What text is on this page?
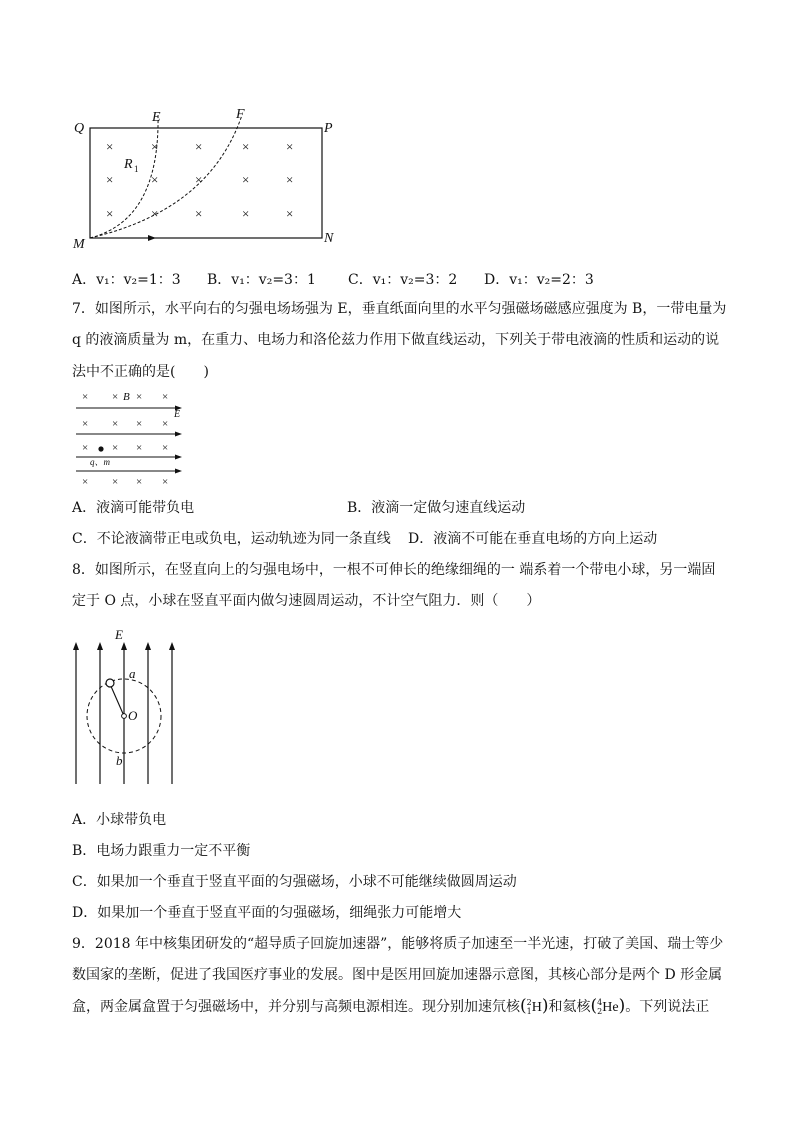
×	×	×	×	×
×	×	×	×	×
×	×	×	×	×
Q
E	F
P
M	N
R 1
A．v₁：v₂=1：3 B．v₁：v₂=3：1 C．v₁：v₂=3：2 D．v₁：v₂=2：3
7．如图所示，水平向右的匀强电场场强为 E，垂直纸面向里的水平匀强磁场磁感应强度为 B，一带电量为
q 的液滴质量为 m，在重力、电场力和洛伦兹力作用下做直线运动，下列关于带电液滴的性质和运动的说
法中不正确的是(　　)
× × × ×
× × × ×
× × × ×
× × × ×
B
E
q、m
A．液滴可能带负电	B．液滴一定做匀速直线运动
C．不论液滴带正电或负电，运动轨迹为同一条直线 D．液滴不可能在垂直电场的方向上运动
8．如图所示，在竖直向上的匀强电场中，一根不可伸长的绝缘细绳的一 端系着一个带电小球，另一端固
定于 O 点，小球在竖直平面内做匀速圆周运动，不计空气阻力．则（　　）
E
a
O
b
A．小球带负电
B．电场力跟重力一定不平衡
C．如果加一个垂直于竖直平面的匀强磁场，小球不可能继续做圆周运动
D．如果加一个垂直于竖直平面的匀强磁场，细绳张力可能增大
9．2018 年中核集团研发的“超导质子回旋加速器”，能够将质子加速至一半光速，打破了美国、瑞士等少
数国家的垄断，促进了我国医疗事业的发展。图中是医用回旋加速器示意图，其核心部分是两个 D 形金属
盒，两金属盒置于匀强磁场中，并分别与高频电源相连。现分别加速氘核( 2
1 H)和氦核( 4
2 He)。下列说法正
